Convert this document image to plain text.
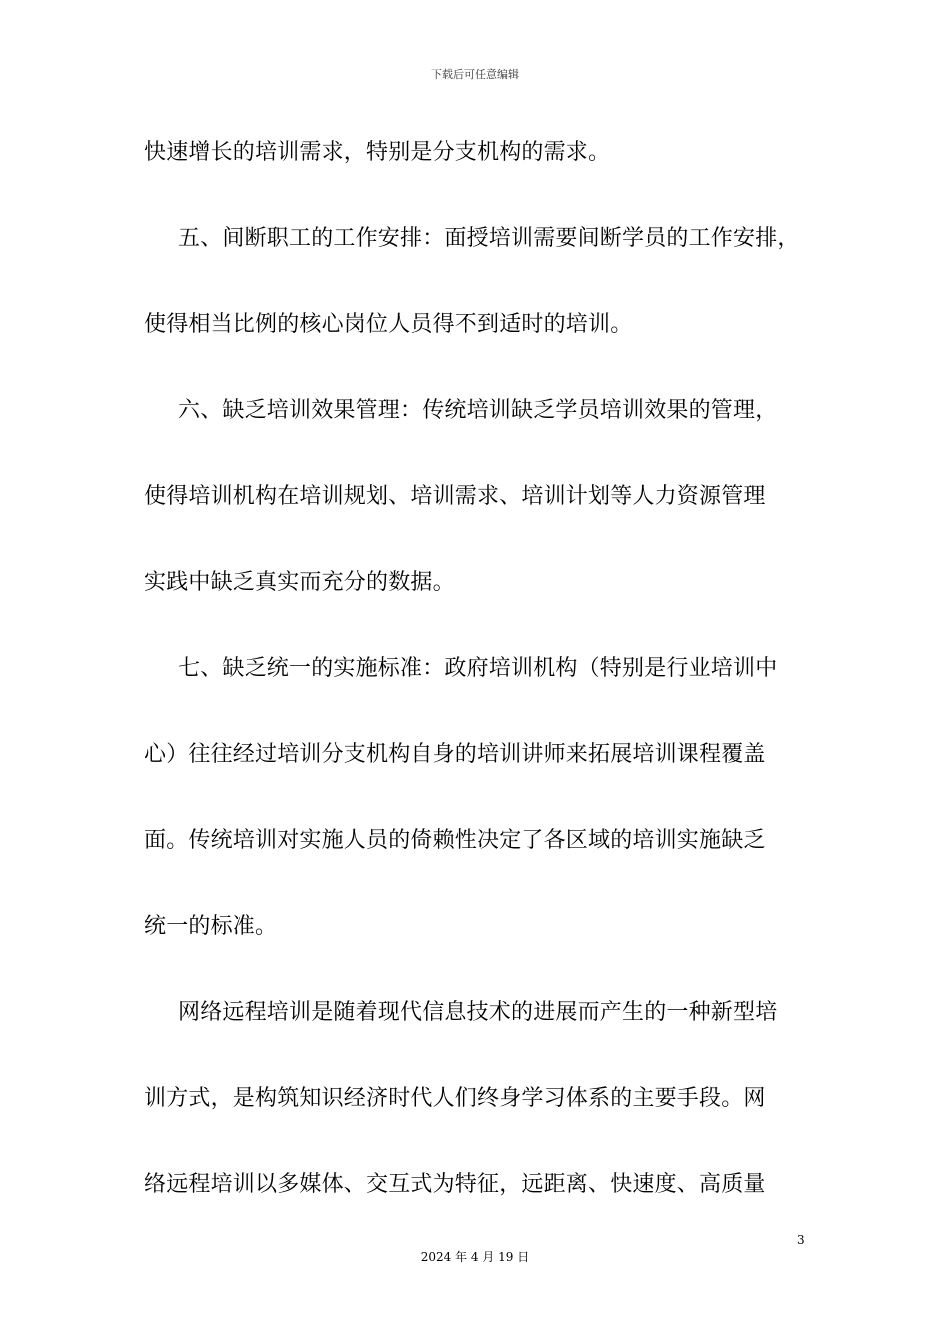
下载后可任意编辑
快速增长的培训需求，特别是分支机构的需求。
五、间断职工的工作安排：面授培训需要间断学员的工作安排，
使得相当比例的核心岗位人员得不到适时的培训。
六、缺乏培训效果管理：传统培训缺乏学员培训效果的管理，
使得培训机构在培训规划、培训需求、培训计划等人力资源管理
实践中缺乏真实而充分的数据。
七、缺乏统一的实施标准：政府培训机构（特别是行业培训中
心）往往经过培训分支机构自身的培训讲师来拓展培训课程覆盖
面。传统培训对实施人员的倚赖性决定了各区域的培训实施缺乏
统一的标准。
网络远程培训是随着现代信息技术的进展而产生的一种新型培
训方式，是构筑知识经济时代人们终身学习体系的主要手段。网
络远程培训以多媒体、交互式为特征，远距离、快速度、高质量
3
2024 年 4 月 19 日
